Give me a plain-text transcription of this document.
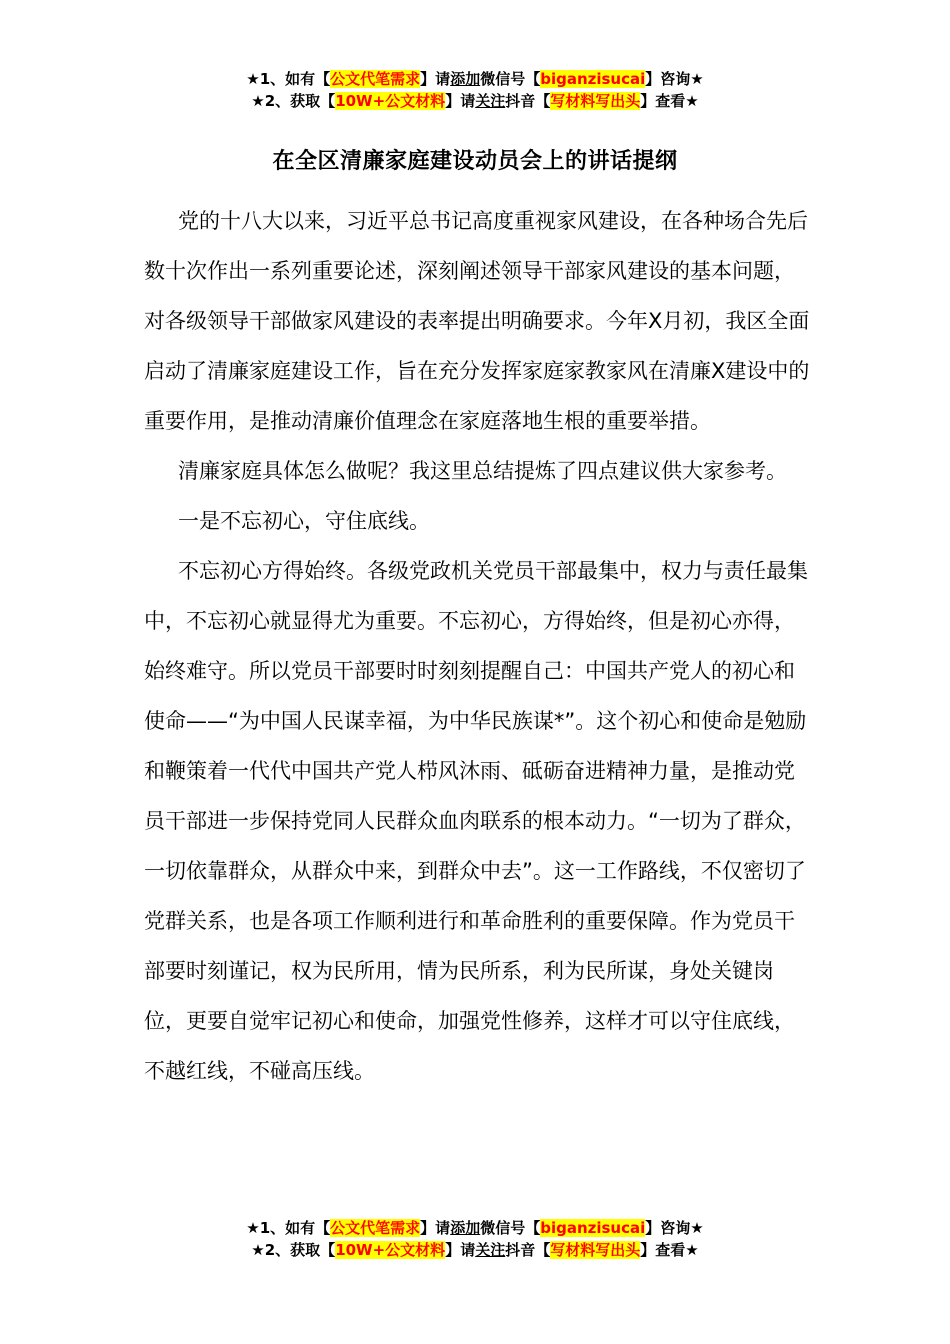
★1、如有【公文代笔需求】请添加微信号【biganzisucai】咨询★
★2、获取【10W+公文材料】请关注抖音【写材料写出头】查看★
在全区清廉家庭建设动员会上的讲话提纲

党的十八大以来，习近平总书记高度重视家风建设，在各种场合先后数十次作出一系列重要论述，深刻阐述领导干部家风建设的基本问题，对各级领导干部做家风建设的表率提出明确要求。今年X月初，我区全面启动了清廉家庭建设工作，旨在充分发挥家庭家教家风在清廉X建设中的重要作用，是推动清廉价值理念在家庭落地生根的重要举措。

清廉家庭具体怎么做呢？我这里总结提炼了四点建议供大家参考。

一是不忘初心，守住底线。

不忘初心方得始终。各级党政机关党员干部最集中，权力与责任最集中，不忘初心就显得尤为重要。不忘初心，方得始终，但是初心亦得，始终难守。所以党员干部要时时刻刻提醒自己：中国共产党人的初心和使命——“为中国人民谋幸福，为中华民族谋*”。这个初心和使命是勉励和鞭策着一代代中国共产党人栉风沐雨、砥砺奋进精神力量，是推动党员干部进一步保持党同人民群众血肉联系的根本动力。“一切为了群众，一切依靠群众，从群众中来，到群众中去”。这一工作路线，不仅密切了党群关系，也是各项工作顺利进行和革命胜利的重要保障。作为党员干部要时刻谨记，权为民所用，情为民所系，利为民所谋，身处关键岗位，更要自觉牢记初心和使命，加强党性修养，这样才可以守住底线，不越红线，不碰高压线。

★1、如有【公文代笔需求】请添加微信号【biganzisucai】咨询★
★2、获取【10W+公文材料】请关注抖音【写材料写出头】查看★
